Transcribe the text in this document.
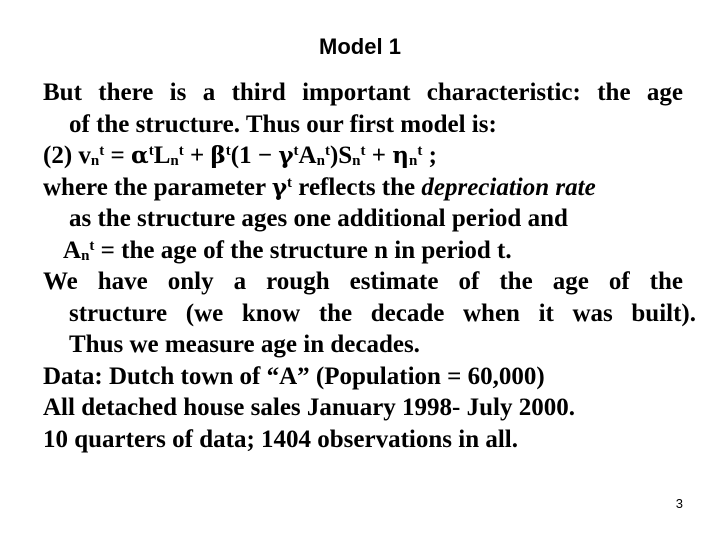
Model 1
But there is a third important characteristic: the age
of the structure. Thus our first model is:
(2) $v_n^t = \alpha^tL_n^t + \beta^t(1 - \gamma^tA_n^t)S_n^t + \eta_n^t$ ;
where the parameter $\gamma^t$ reflects the depreciation rate
as the structure ages one additional period and
$A_n^t$ = the age of the structure n in period t.
We have only a rough estimate of the age of the
structure (we know the decade when it was built).
Thus we measure age in decades.
Data: Dutch town of “A” (Population = 60,000)
All detached house sales January 1998- July 2000.
10 quarters of data; 1404 observations in all.
3
